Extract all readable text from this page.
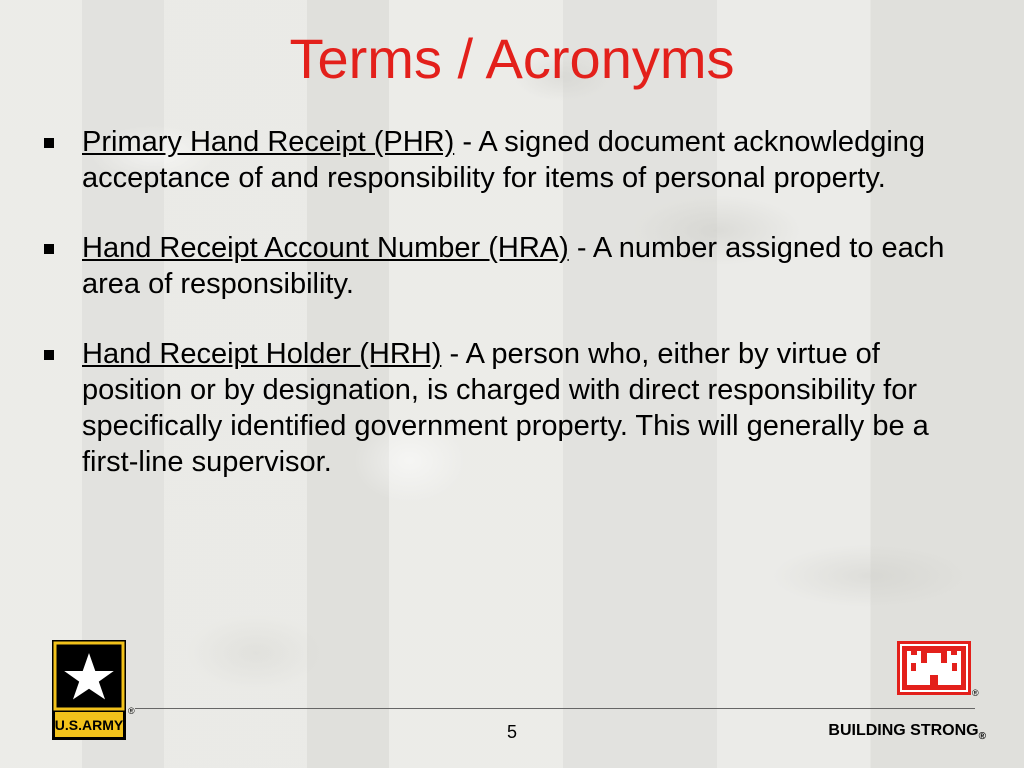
Terms / Acronyms
Primary Hand Receipt (PHR) - A signed document acknowledging acceptance of and responsibility for items of personal property.
Hand Receipt Account Number (HRA) - A number assigned to each area of responsibility.
Hand Receipt Holder (HRH) - A person who, either by virtue of position or by designation, is charged with direct responsibility for specifically identified government property. This will generally be a first-line supervisor.
U.S.ARMY
®
®
5	BUILDING $STRONG_®$
